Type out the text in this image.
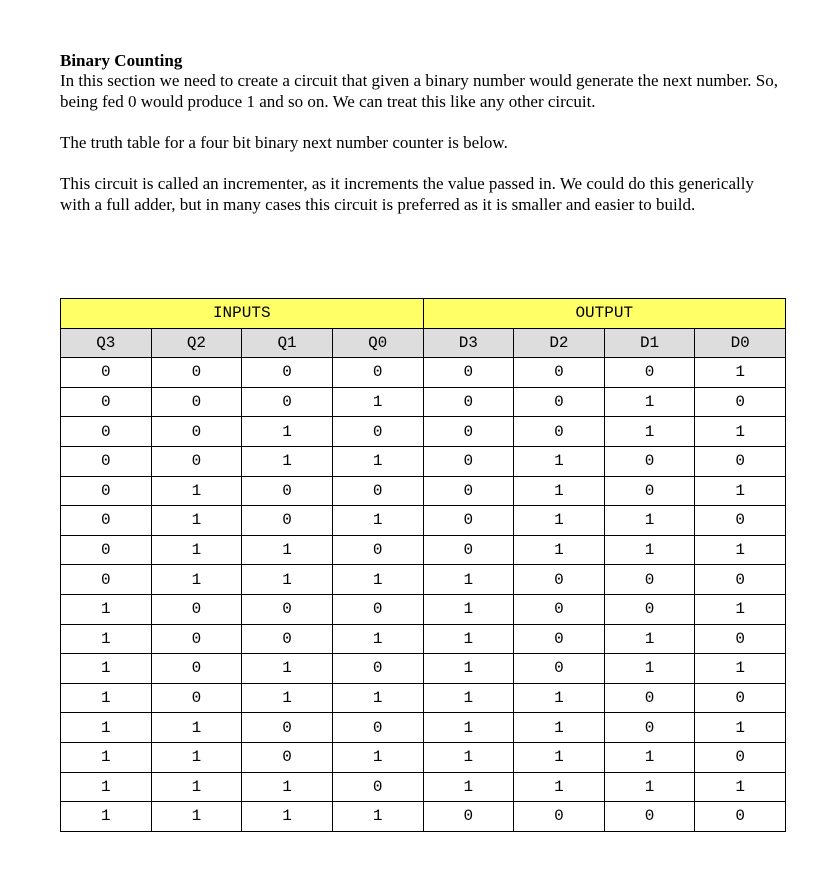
Binary Counting
In this section we need to create a circuit that given a binary number would generate the next number. So, being fed 0 would produce 1 and so on. We can treat this like any other circuit.
The truth table for a four bit binary next number counter is below.
This circuit is called an incrementer, as it increments the value passed in. We could do this generically with a full adder, but in many cases this circuit is preferred as it is smaller and easier to build.
INPUTS				OUTPUT			
Q3	Q2	Q1	Q0	D3	D2	D1	D0
0	0	0	0	0	0	0	1
0	0	0	1	0	0	1	0
0	0	1	0	0	0	1	1
0	0	1	1	0	1	0	0
0	1	0	0	0	1	0	1
0	1	0	1	0	1	1	0
0	1	1	0	0	1	1	1
0	1	1	1	1	0	0	0
1	0	0	0	1	0	0	1
1	0	0	1	1	0	1	0
1	0	1	0	1	0	1	1
1	0	1	1	1	1	0	0
1	1	0	0	1	1	0	1
1	1	0	1	1	1	1	0
1	1	1	0	1	1	1	1
1	1	1	1	0	0	0	0
